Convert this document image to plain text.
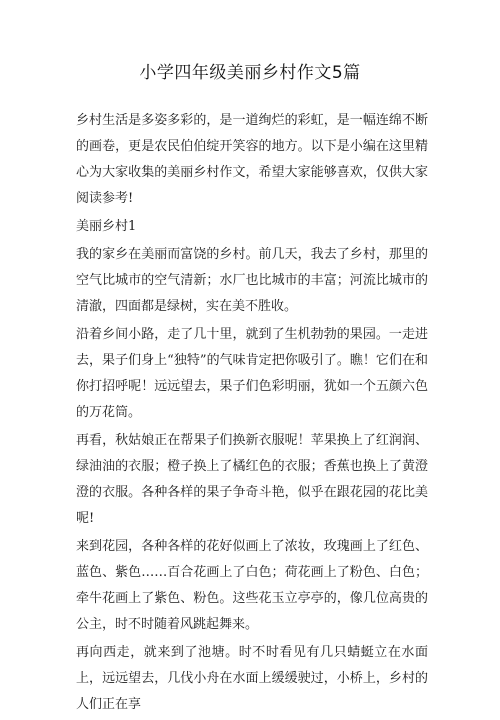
小学四年级美丽乡村作文5篇

乡村生活是多姿多彩的，是一道绚烂的彩虹，是一幅连绵不断的画卷，更是农民伯伯绽开笑容的地方。以下是小编在这里精心为大家收集的美丽乡村作文，希望大家能够喜欢，仅供大家阅读参考!

美丽乡村1

我的家乡在美丽而富饶的乡村。前几天，我去了乡村，那里的空气比城市的空气清新；水厂也比城市的丰富；河流比城市的清澈，四面都是绿树，实在美不胜收。

沿着乡间小路，走了几十里，就到了生机勃勃的果园。一走进去，果子们身上“独特”的气味肯定把你吸引了。瞧！它们在和你打招呼呢！远远望去，果子们色彩明丽，犹如一个五颜六色的万花筒。

再看，秋姑娘正在帮果子们换新衣服呢！苹果换上了红润润、绿油油的衣服；橙子换上了橘红色的衣服；香蕉也换上了黄澄澄的衣服。各种各样的果子争奇斗艳，似乎在跟花园的花比美呢!

来到花园，各种各样的花好似画上了浓妆，玫瑰画上了红色、蓝色、紫色……百合花画上了白色；荷花画上了粉色、白色；牵牛花画上了紫色、粉色。这些花玉立亭亭的，像几位高贵的公主，时不时随着风跳起舞来。

再向西走，就来到了池塘。时不时看见有几只蜻蜓立在水面上，远远望去，几伐小舟在水面上缓缓驶过，小桥上，乡村的人们正在享
